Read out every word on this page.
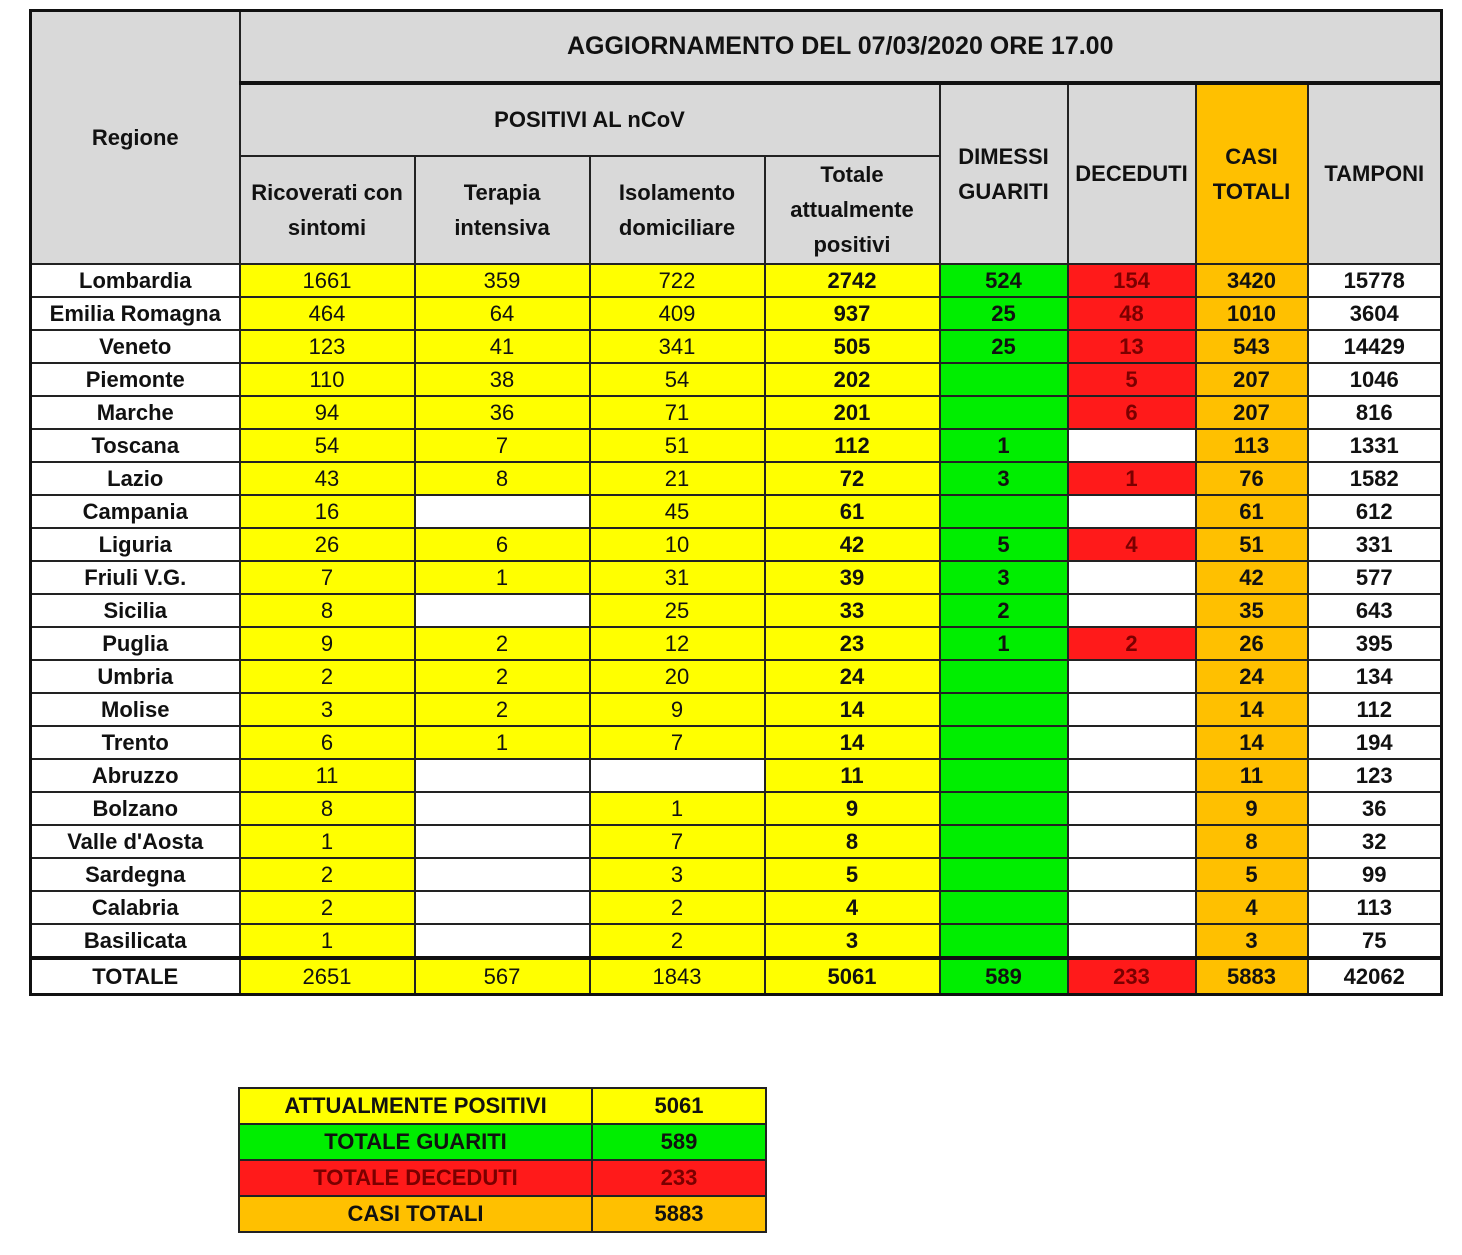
Regione	AGGIORNAMENTO DEL 07/03/2020 ORE 17.00							
	POSITIVI AL nCoV				DIMESSI GUARITI	DECEDUTI	CASI TOTALI	TAMPONI
	Ricoverati con sintomi	Terapia intensiva	Isolamento domiciliare	Totale attualmente positivi				
Lombardia	1661	359	722	2742	524	154	3420	15778
Emilia Romagna	464	64	409	937	25	48	1010	3604
Veneto	123	41	341	505	25	13	543	14429
Piemonte	110	38	54	202		5	207	1046
Marche	94	36	71	201		6	207	816
Toscana	54	7	51	112	1		113	1331
Lazio	43	8	21	72	3	1	76	1582
Campania	16		45	61			61	612
Liguria	26	6	10	42	5	4	51	331
Friuli V.G.	7	1	31	39	3		42	577
Sicilia	8		25	33	2		35	643
Puglia	9	2	12	23	1	2	26	395
Umbria	2	2	20	24			24	134
Molise	3	2	9	14			14	112
Trento	6	1	7	14			14	194
Abruzzo	11			11			11	123
Bolzano	8		1	9			9	36
Valle d'Aosta	1		7	8			8	32
Sardegna	2		3	5			5	99
Calabria	2		2	4			4	113
Basilicata	1		2	3			3	75
TOTALE	2651	567	1843	5061	589	233	5883	42062
ATTUALMENTE POSITIVI	5061
TOTALE GUARITI	589
TOTALE DECEDUTI	233
CASI TOTALI	5883
